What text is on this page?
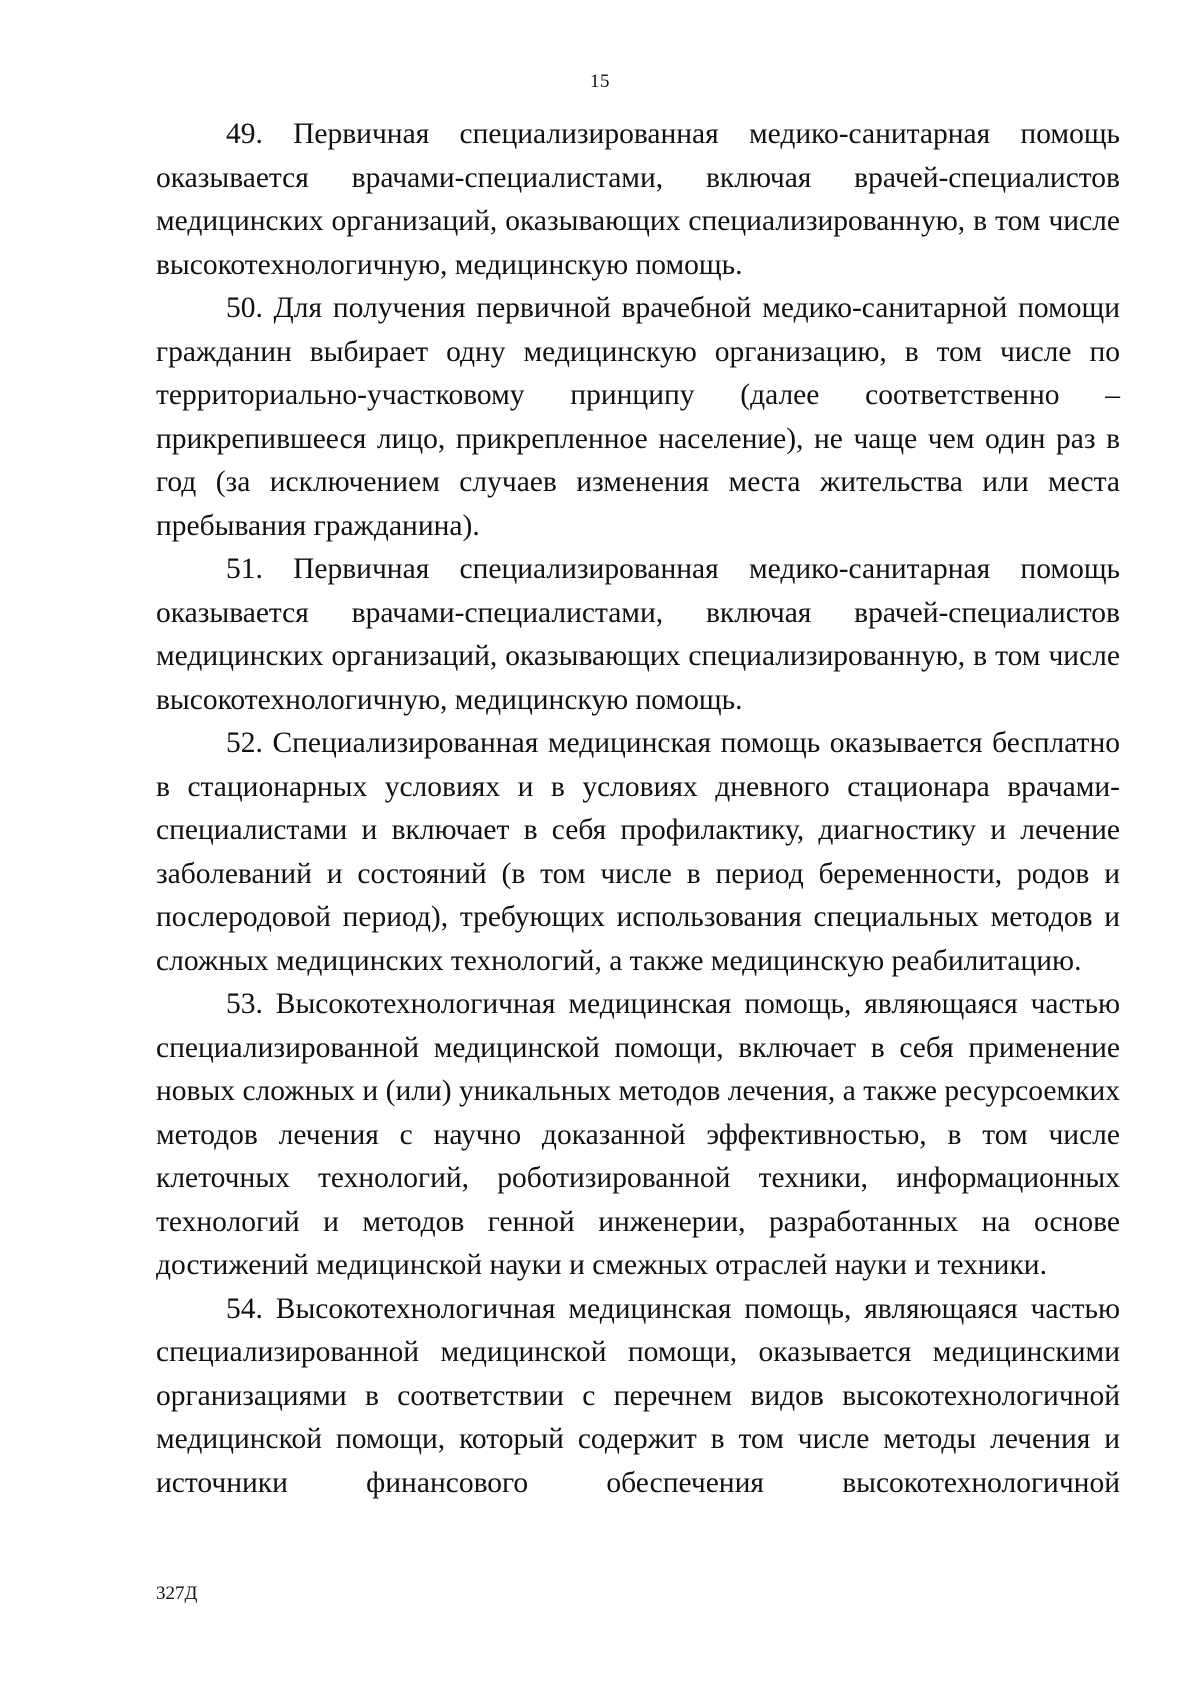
15

49. Первичная специализированная медико-санитарная помощь оказывается врачами-специалистами, включая врачей-специалистов медицинских организаций, оказывающих специализированную, в том числе высокотехнологичную, медицинскую помощь.

50. Для получения первичной врачебной медико-санитарной помощи гражданин выбирает одну медицинскую организацию, в том числе по территориально-участковому принципу (далее соответственно – прикрепившееся лицо, прикрепленное население), не чаще чем один раз в год (за исключением случаев изменения места жительства или места пребывания гражданина).

51. Первичная специализированная медико-санитарная помощь оказывается врачами-специалистами, включая врачей-специалистов медицинских организаций, оказывающих специализированную, в том числе высокотехнологичную, медицинскую помощь.

52. Специализированная медицинская помощь оказывается бесплатно в стационарных условиях и в условиях дневного стационара врачами-специалистами и включает в себя профилактику, диагностику и лечение заболеваний и состояний (в том числе в период беременности, родов и послеродовой период), требующих использования специальных методов и сложных медицинских технологий, а также медицинскую реабилитацию.

53. Высокотехнологичная медицинская помощь, являющаяся частью специализированной медицинской помощи, включает в себя применение новых сложных и (или) уникальных методов лечения, а также ресурсоемких методов лечения с научно доказанной эффективностью, в том числе клеточных технологий, роботизированной техники, информационных технологий и методов генной инженерии, разработанных на основе достижений медицинской науки и смежных отраслей науки и техники.

54. Высокотехнологичная медицинская помощь, являющаяся частью специализированной медицинской помощи, оказывается медицинскими организациями в соответствии с перечнем видов высокотехнологичной медицинской помощи, который содержит в том числе методы лечения и источники финансового обеспечения высокотехнологичной

327Д
